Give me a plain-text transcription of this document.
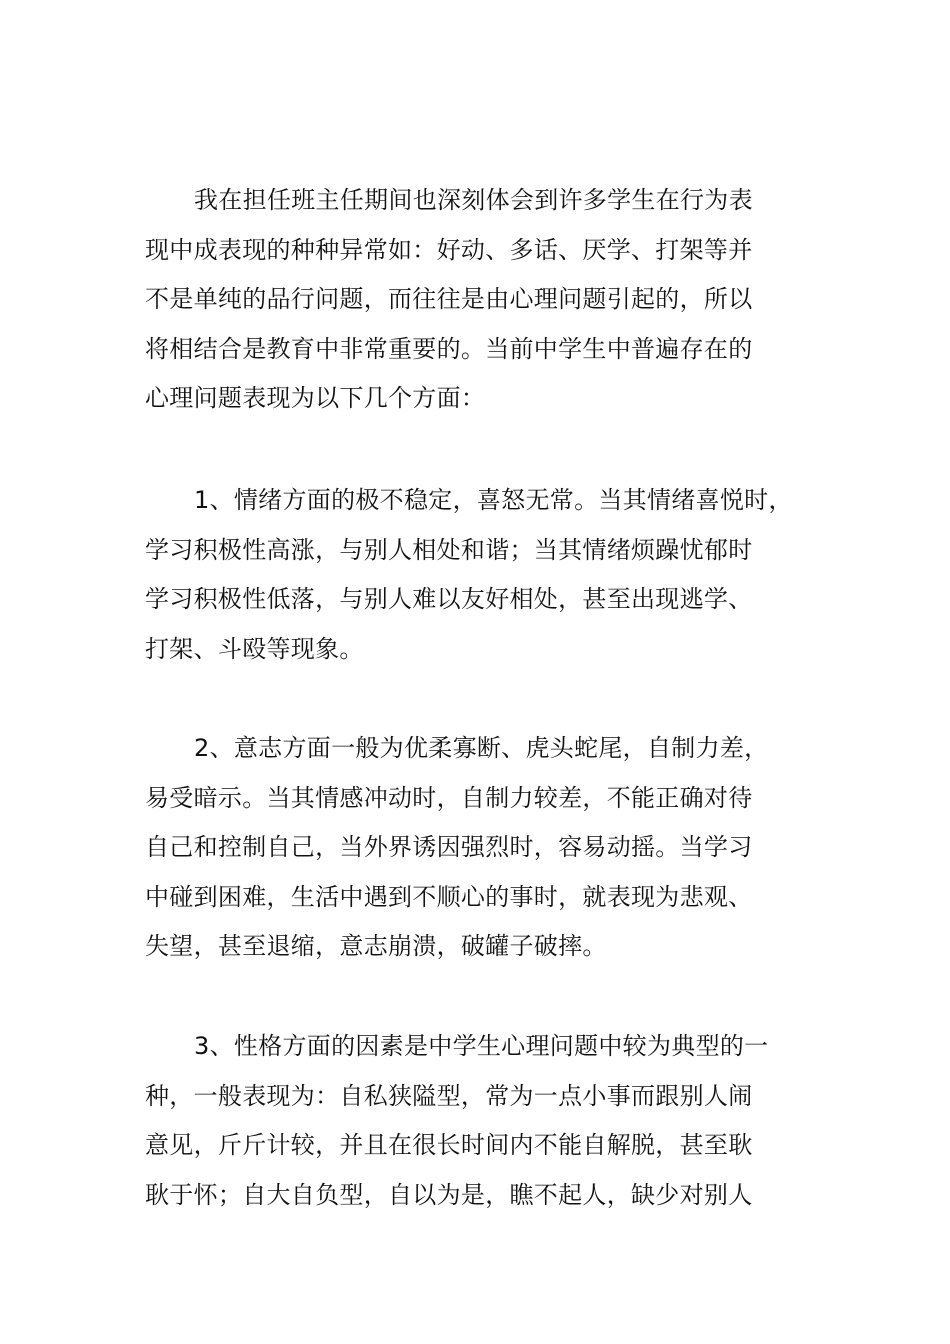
我在担任班主任期间也深刻体会到许多学生在行为表
现中成表现的种种异常如：好动、多话、厌学、打架等并
不是单纯的品行问题，而往往是由心理问题引起的，所以
将相结合是教育中非常重要的。当前中学生中普遍存在的
心理问题表现为以下几个方面：
1、情绪方面的极不稳定，喜怒无常。当其情绪喜悦时，
学习积极性高涨，与别人相处和谐；当其情绪烦躁忧郁时
学习积极性低落，与别人难以友好相处，甚至出现逃学、
打架、斗殴等现象。
2、意志方面一般为优柔寡断、虎头蛇尾，自制力差，
易受暗示。当其情感冲动时，自制力较差，不能正确对待
自己和控制自己，当外界诱因强烈时，容易动摇。当学习
中碰到困难，生活中遇到不顺心的事时，就表现为悲观、
失望，甚至退缩，意志崩溃，破罐子破摔。
3、性格方面的因素是中学生心理问题中较为典型的一
种，一般表现为：自私狭隘型，常为一点小事而跟别人闹
意见，斤斤计较，并且在很长时间内不能自解脱，甚至耿
耿于怀；自大自负型，自以为是，瞧不起人，缺少对别人
